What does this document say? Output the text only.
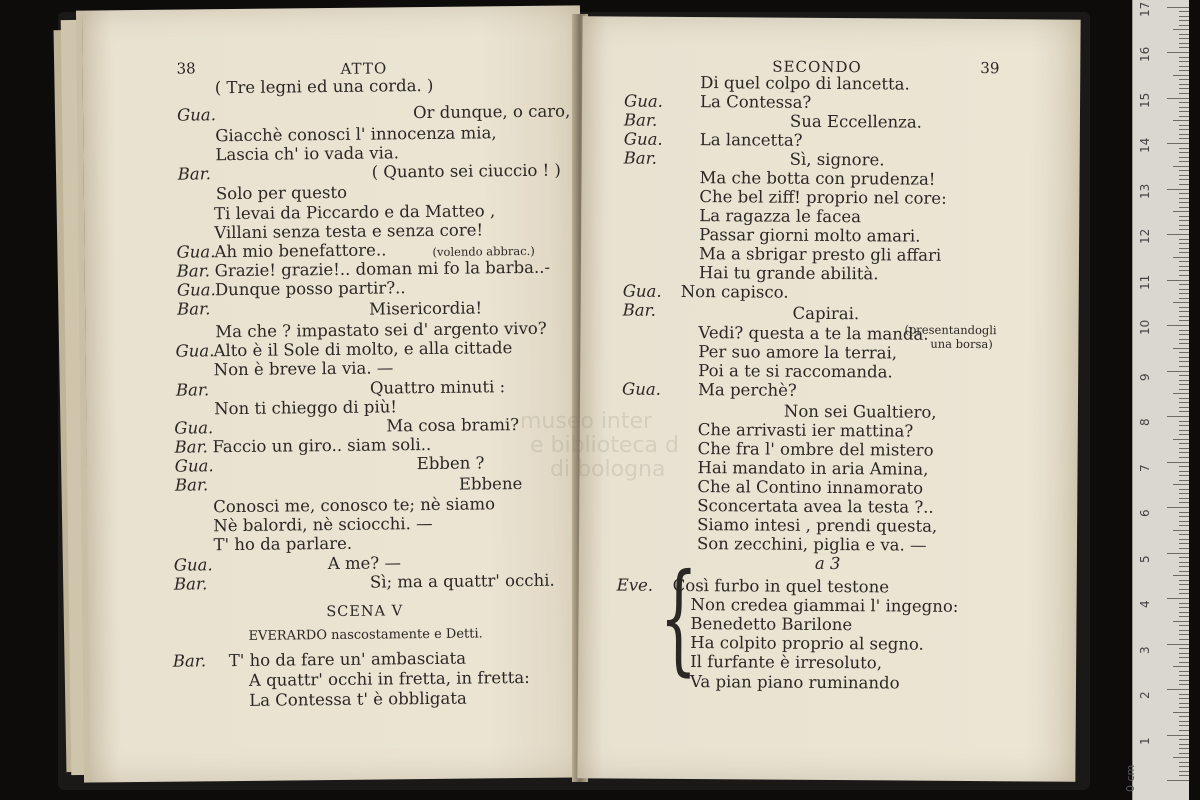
38	ATTO
( Tre legni ed una corda. )
Gua.	Or dunque, o caro,
Giacchè conosci l' innocenza mia,
Lascia ch' io vada via.
Bar.	( Quanto sei ciuccio ! )
Solo per questo
Ti levai da Piccardo e da Matteo ,
Villani senza testa e senza core!
Gua.
Ah mio benefattore..	(volendo abbrac.)
Bar. Grazie! grazie!.. doman mi fo la barba..-
Gua.
Dunque posso partir?..
Bar.	Misericordia!
Ma che ? impastato sei d' argento vivo?
Gua.
Alto è il Sole di molto, e alla cittade
Non è breve la via. —
Bar.	Quattro minuti :
Non ti chieggo di più!
Gua.	Ma cosa brami?
Bar. Faccio un giro.. siam soli..
Gua.	Ebben ?
Bar.	Ebbene
Conosci me, conosco te; nè siamo
Nè balordi, nè sciocchi. —
T' ho da parlare.
Gua.	A me? —
Bar.	Sì; ma a quattr' occhi.
SCENA V
EVERARDO nascostamente e Detti.
Bar. T' ho da fare un' ambasciata
A quattr' occhi in fretta, in fretta:
La Contessa t' è obbligata
SECONDO	39
Di quel colpo di lancetta.
Gua. La Contessa?
Bar.	Sua Eccellenza.
Gua. La lancetta?
Bar.	Sì, signore.
Ma che botta con prudenza!
Che bel ziff! proprio nel core:
La ragazza le facea
Passar giorni molto amari.
Ma a sbrigar presto gli affari
Hai tu grande abilità.
Gua. Non capisco.
Bar.	Capirai.
Vedi? questa a te la manda.
(presentandogli
una borsa)
Per suo amore la terrai,
Poi a te si raccomanda.
Gua. Ma perchè?
Non sei Gualtiero,
Che arrivasti ier mattina?
Che fra l' ombre del mistero
Hai mandato in aria Amina,
Che al Contino innamorato
Sconcertata avea la testa ?..
Siamo intesi , prendi questa,
Son zecchini, piglia e va. —
a 3
Eve. {
Così furbo in quel testone
Non credea giammai l' ingegno:
Benedetto Barilone
Ha colpito proprio al segno.
Il furfante è irresoluto,
Va pian piano ruminando
museo inter
e biblioteca d
di bologna
0 cm
1
2
3
4
5
6
7
8
9
10
11
12
13
14
15
16
17
